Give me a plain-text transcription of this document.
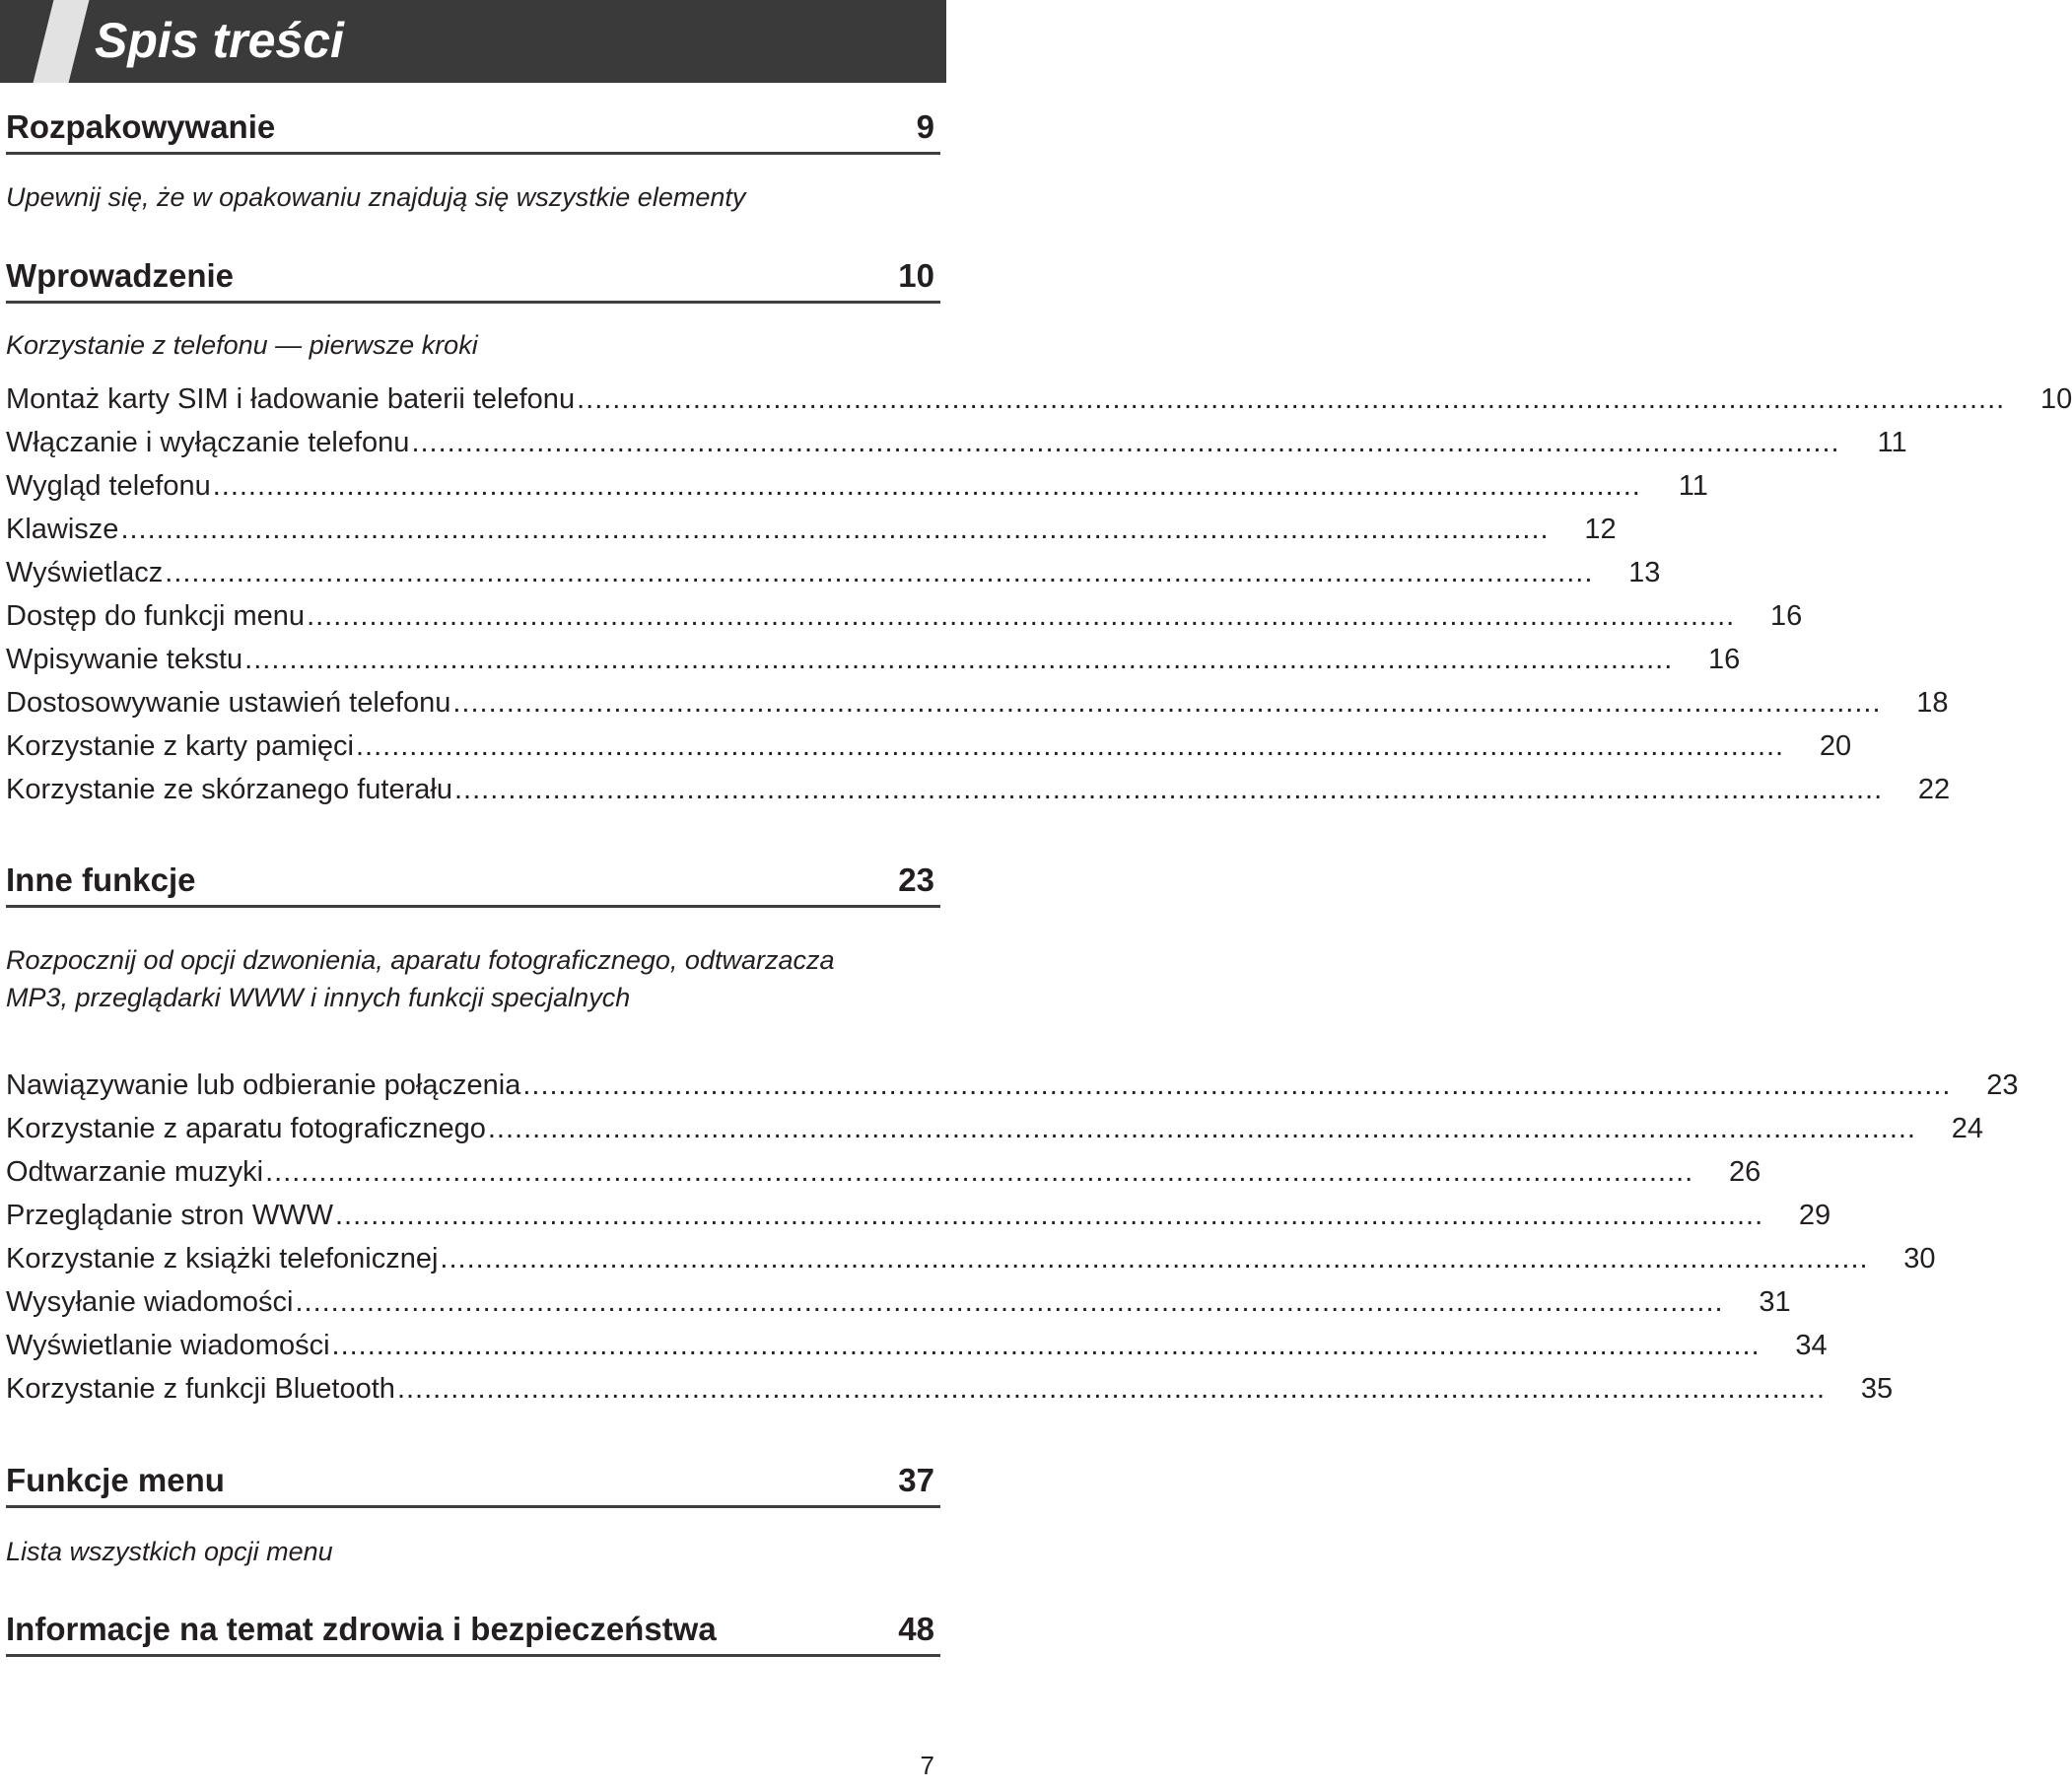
Spis treści
Rozpakowywanie	9
Upewnij się, że w opakowaniu znajdują się wszystkie elementy
Wprowadzenie	10
Korzystanie z telefonu — pierwsze kroki
Montaż karty SIM i ładowanie baterii telefonu ................................................................................................................................................................	10
Włączanie i wyłączanie telefonu ................................................................................................................................................................	11
Wygląd telefonu ................................................................................................................................................................	11
Klawisze ................................................................................................................................................................	12
Wyświetlacz ................................................................................................................................................................	13
Dostęp do funkcji menu ................................................................................................................................................................	16
Wpisywanie tekstu ................................................................................................................................................................	16
Dostosowywanie ustawień telefonu ................................................................................................................................................................	18
Korzystanie z karty pamięci ................................................................................................................................................................	20
Korzystanie ze skórzanego futerału ................................................................................................................................................................	22
Inne funkcje	23
Rozpocznij od opcji dzwonienia, aparatu fotograficznego, odtwarzacza MP3, przeglądarki WWW i innych funkcji specjalnych
Nawiązywanie lub odbieranie połączenia ................................................................................................................................................................	23
Korzystanie z aparatu fotograficznego ................................................................................................................................................................	24
Odtwarzanie muzyki ................................................................................................................................................................	26
Przeglądanie stron WWW ................................................................................................................................................................	29
Korzystanie z książki telefonicznej ................................................................................................................................................................	30
Wysyłanie wiadomości ................................................................................................................................................................	31
Wyświetlanie wiadomości ................................................................................................................................................................	34
Korzystanie z funkcji Bluetooth ................................................................................................................................................................	35
Funkcje menu	37
Lista wszystkich opcji menu
Informacje na temat zdrowia i bezpieczeństwa	48
7
